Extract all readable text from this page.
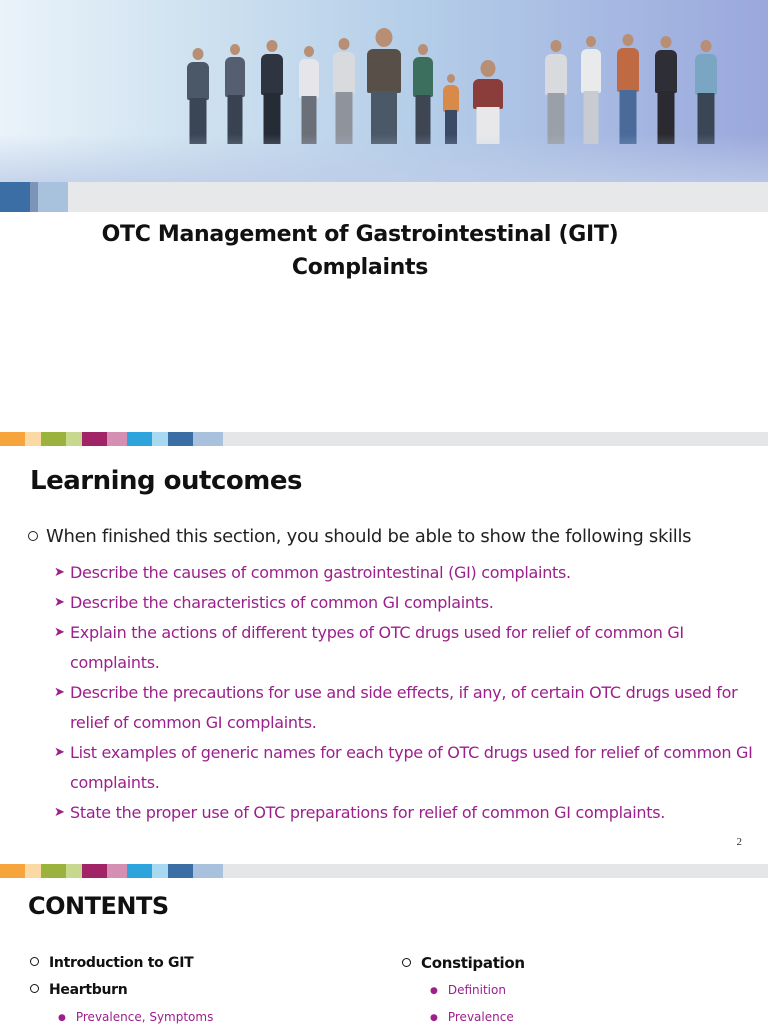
OTC Management of Gastrointestinal (GIT)
Complaints
Learning outcomes
When finished this section, you should be able to show the following skills
➤ Describe the causes of common gastrointestinal (GI) complaints.
➤ Describe the characteristics of common GI complaints.
➤ Explain the actions of different types of OTC drugs used for relief of common GI complaints.
➤ Describe the precautions for use and side effects, if any, of certain OTC drugs used for relief of common GI complaints.
➤ List examples of generic names for each type of OTC drugs used for relief of common GI complaints.
➤ State the proper use of OTC preparations for relief of common GI complaints.
2
CONTENTS
Introduction to GIT
Heartburn
● Prevalence, Symptoms
Constipation
● Definition
● Prevalence
